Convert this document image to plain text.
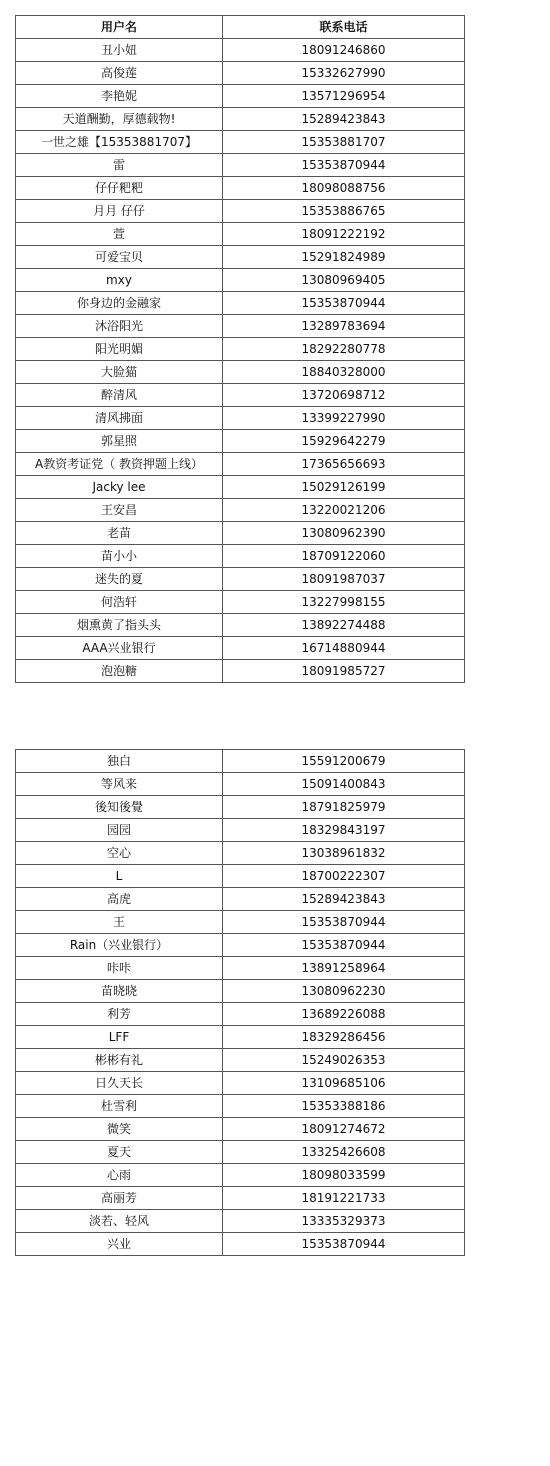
用户名	联系电话
丑小妞	18091246860
高俊莲	15332627990
李艳妮	13571296954
天道酬勤，厚德载物!	15289423843
一世之雄【15353881707】	15353881707
雷	15353870944
仔仔粑粑	18098088756
月月 仔仔	15353886765
萱	18091222192
可爱宝贝	15291824989
mxy	13080969405
你身边的金融家	15353870944
沐浴阳光	13289783694
阳光明媚	18292280778
大脸猫	18840328000
醉清风	13720698712
清风拂面	13399227990
郭星照	15929642279
A教资考证党（ 教资押题上线）	17365656693
Jacky lee	15029126199
王安昌	13220021206
老苗	13080962390
苗小小	18709122060
迷失的夏	18091987037
何浩轩	13227998155
烟熏黄了指头头	13892274488
AAA兴业银行	16714880944
泡泡糖	18091985727
独白	15591200679
等风来	15091400843
後知後覺	18791825979
园园	18329843197
空心	13038961832
L	18700222307
高虎	15289423843
王	15353870944
Rain（兴业银行）	15353870944
咔咔	13891258964
苗晓晓	13080962230
利芳	13689226088
LFF	18329286456
彬彬有礼	15249026353
日久天长	13109685106
杜雪利	15353388186
微笑	18091274672
夏天	13325426608
心雨	18098033599
高丽芳	18191221733
淡若、轻风	13335329373
兴业	15353870944
